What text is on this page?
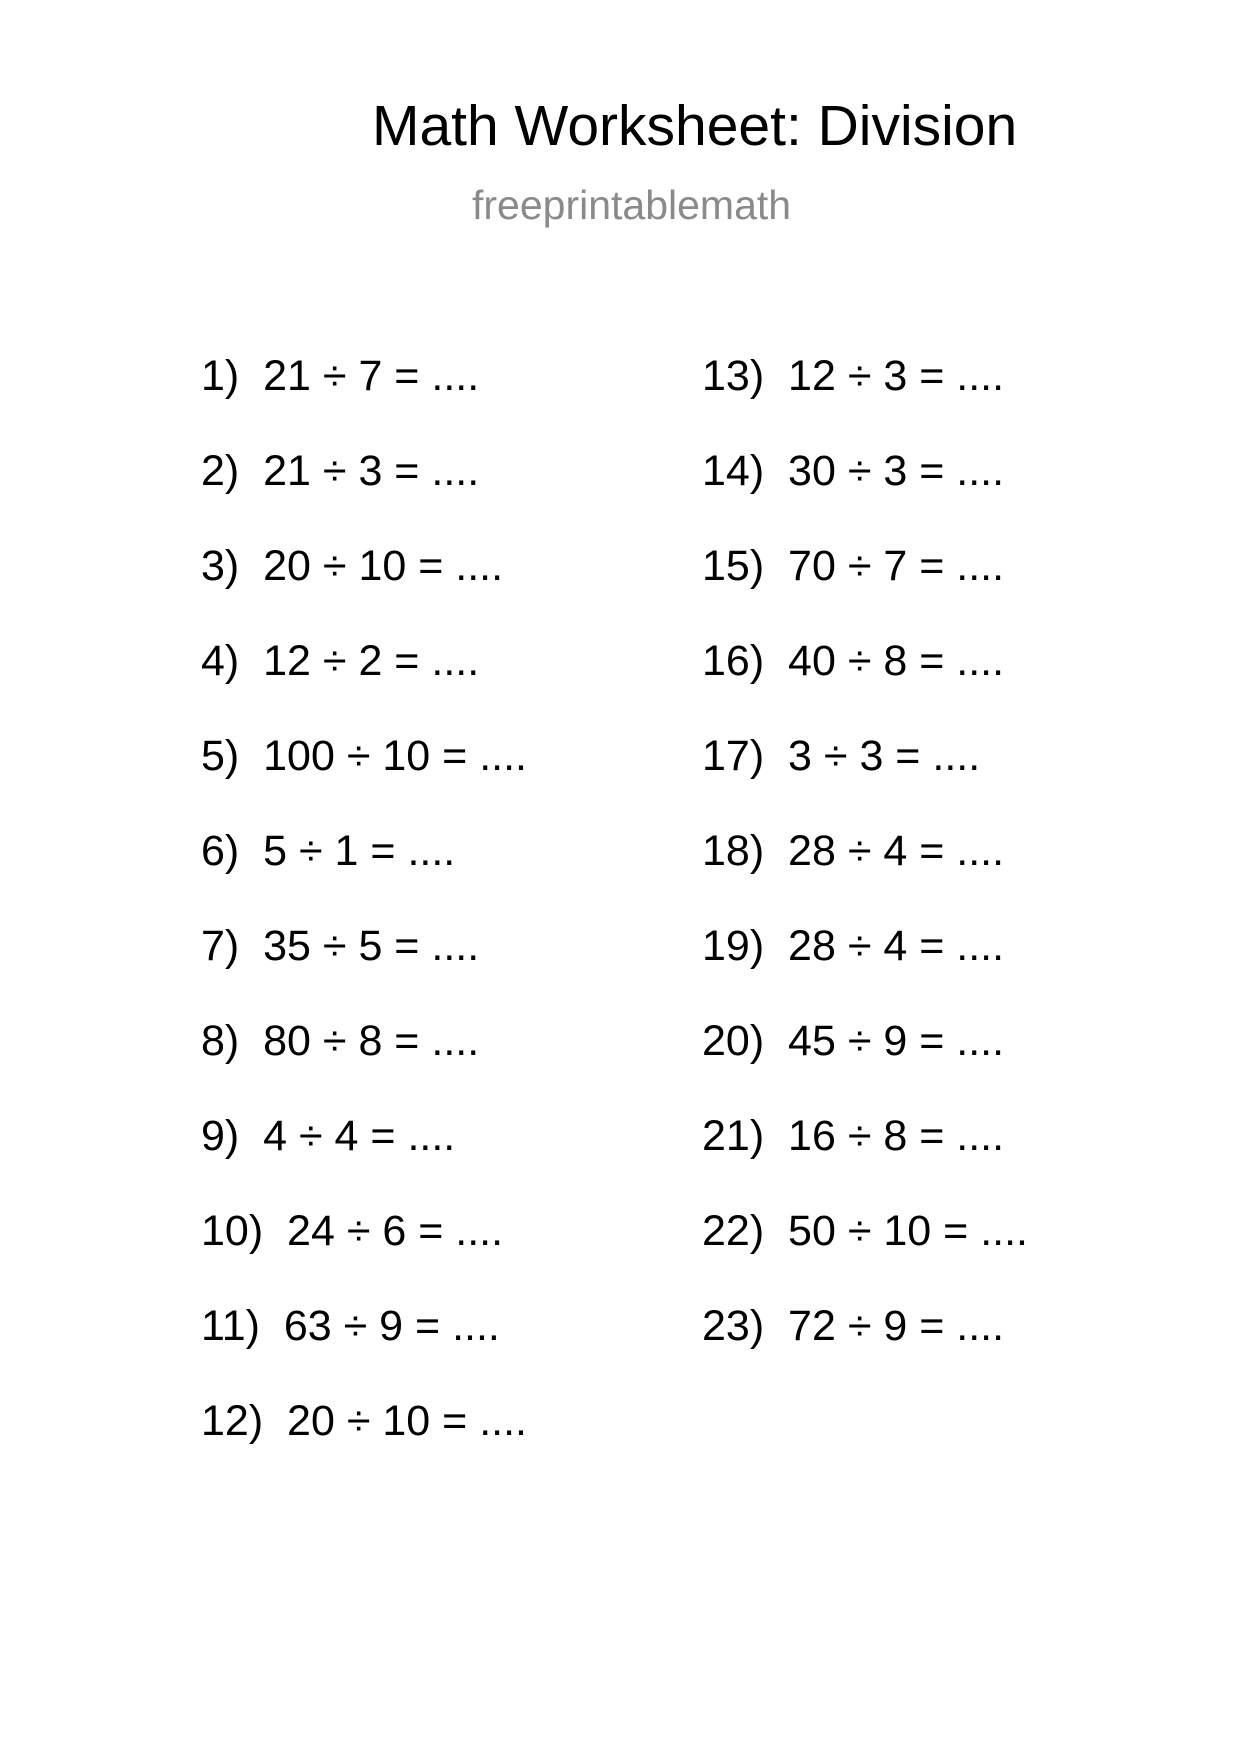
Math Worksheet: Division
freeprintablemath
1)  21 ÷ 7 = ....
2)  21 ÷ 3 = ....
3)  20 ÷ 10 = ....
4)  12 ÷ 2 = ....
5)  100 ÷ 10 = ....
6)  5 ÷ 1 = ....
7)  35 ÷ 5 = ....
8)  80 ÷ 8 = ....
9)  4 ÷ 4 = ....
10)  24 ÷ 6 = ....
11)  63 ÷ 9 = ....
12)  20 ÷ 10 = ....
13)  12 ÷ 3 = ....
14)  30 ÷ 3 = ....
15)  70 ÷ 7 = ....
16)  40 ÷ 8 = ....
17)  3 ÷ 3 = ....
18)  28 ÷ 4 = ....
19)  28 ÷ 4 = ....
20)  45 ÷ 9 = ....
21)  16 ÷ 8 = ....
22)  50 ÷ 10 = ....
23)  72 ÷ 9 = ....
